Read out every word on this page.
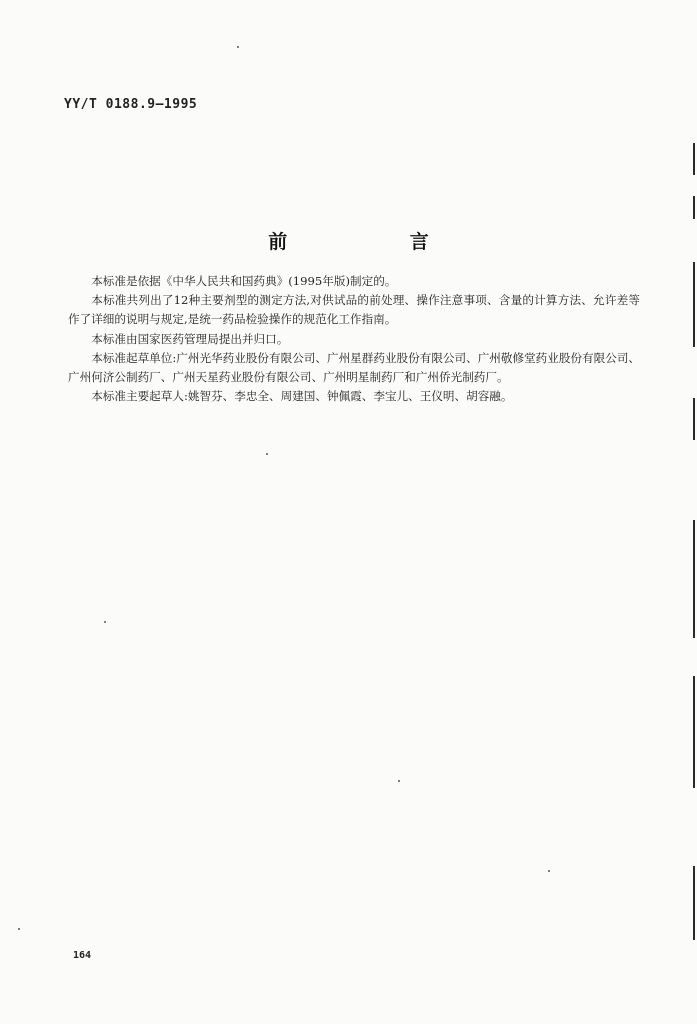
YY/T 0188.9—1995
前 言

本标准是依据《中华人民共和国药典》(1995年版)制定的。

本标准共列出了12种主要剂型的测定方法,对供试品的前处理、操作注意事项、含量的计算方法、允许差等作了详细的说明与规定,是统一药品检验操作的规范化工作指南。

本标准由国家医药管理局提出并归口。

本标准起草单位:广州光华药业股份有限公司、广州星群药业股份有限公司、广州敬修堂药业股份有限公司、广州何济公制药厂、广州天星药业股份有限公司、广州明星制药厂和广州侨光制药厂。

本标准主要起草人:姚智芬、李忠全、周建国、钟佩霞、李宝儿、王仪明、胡容融。

164
